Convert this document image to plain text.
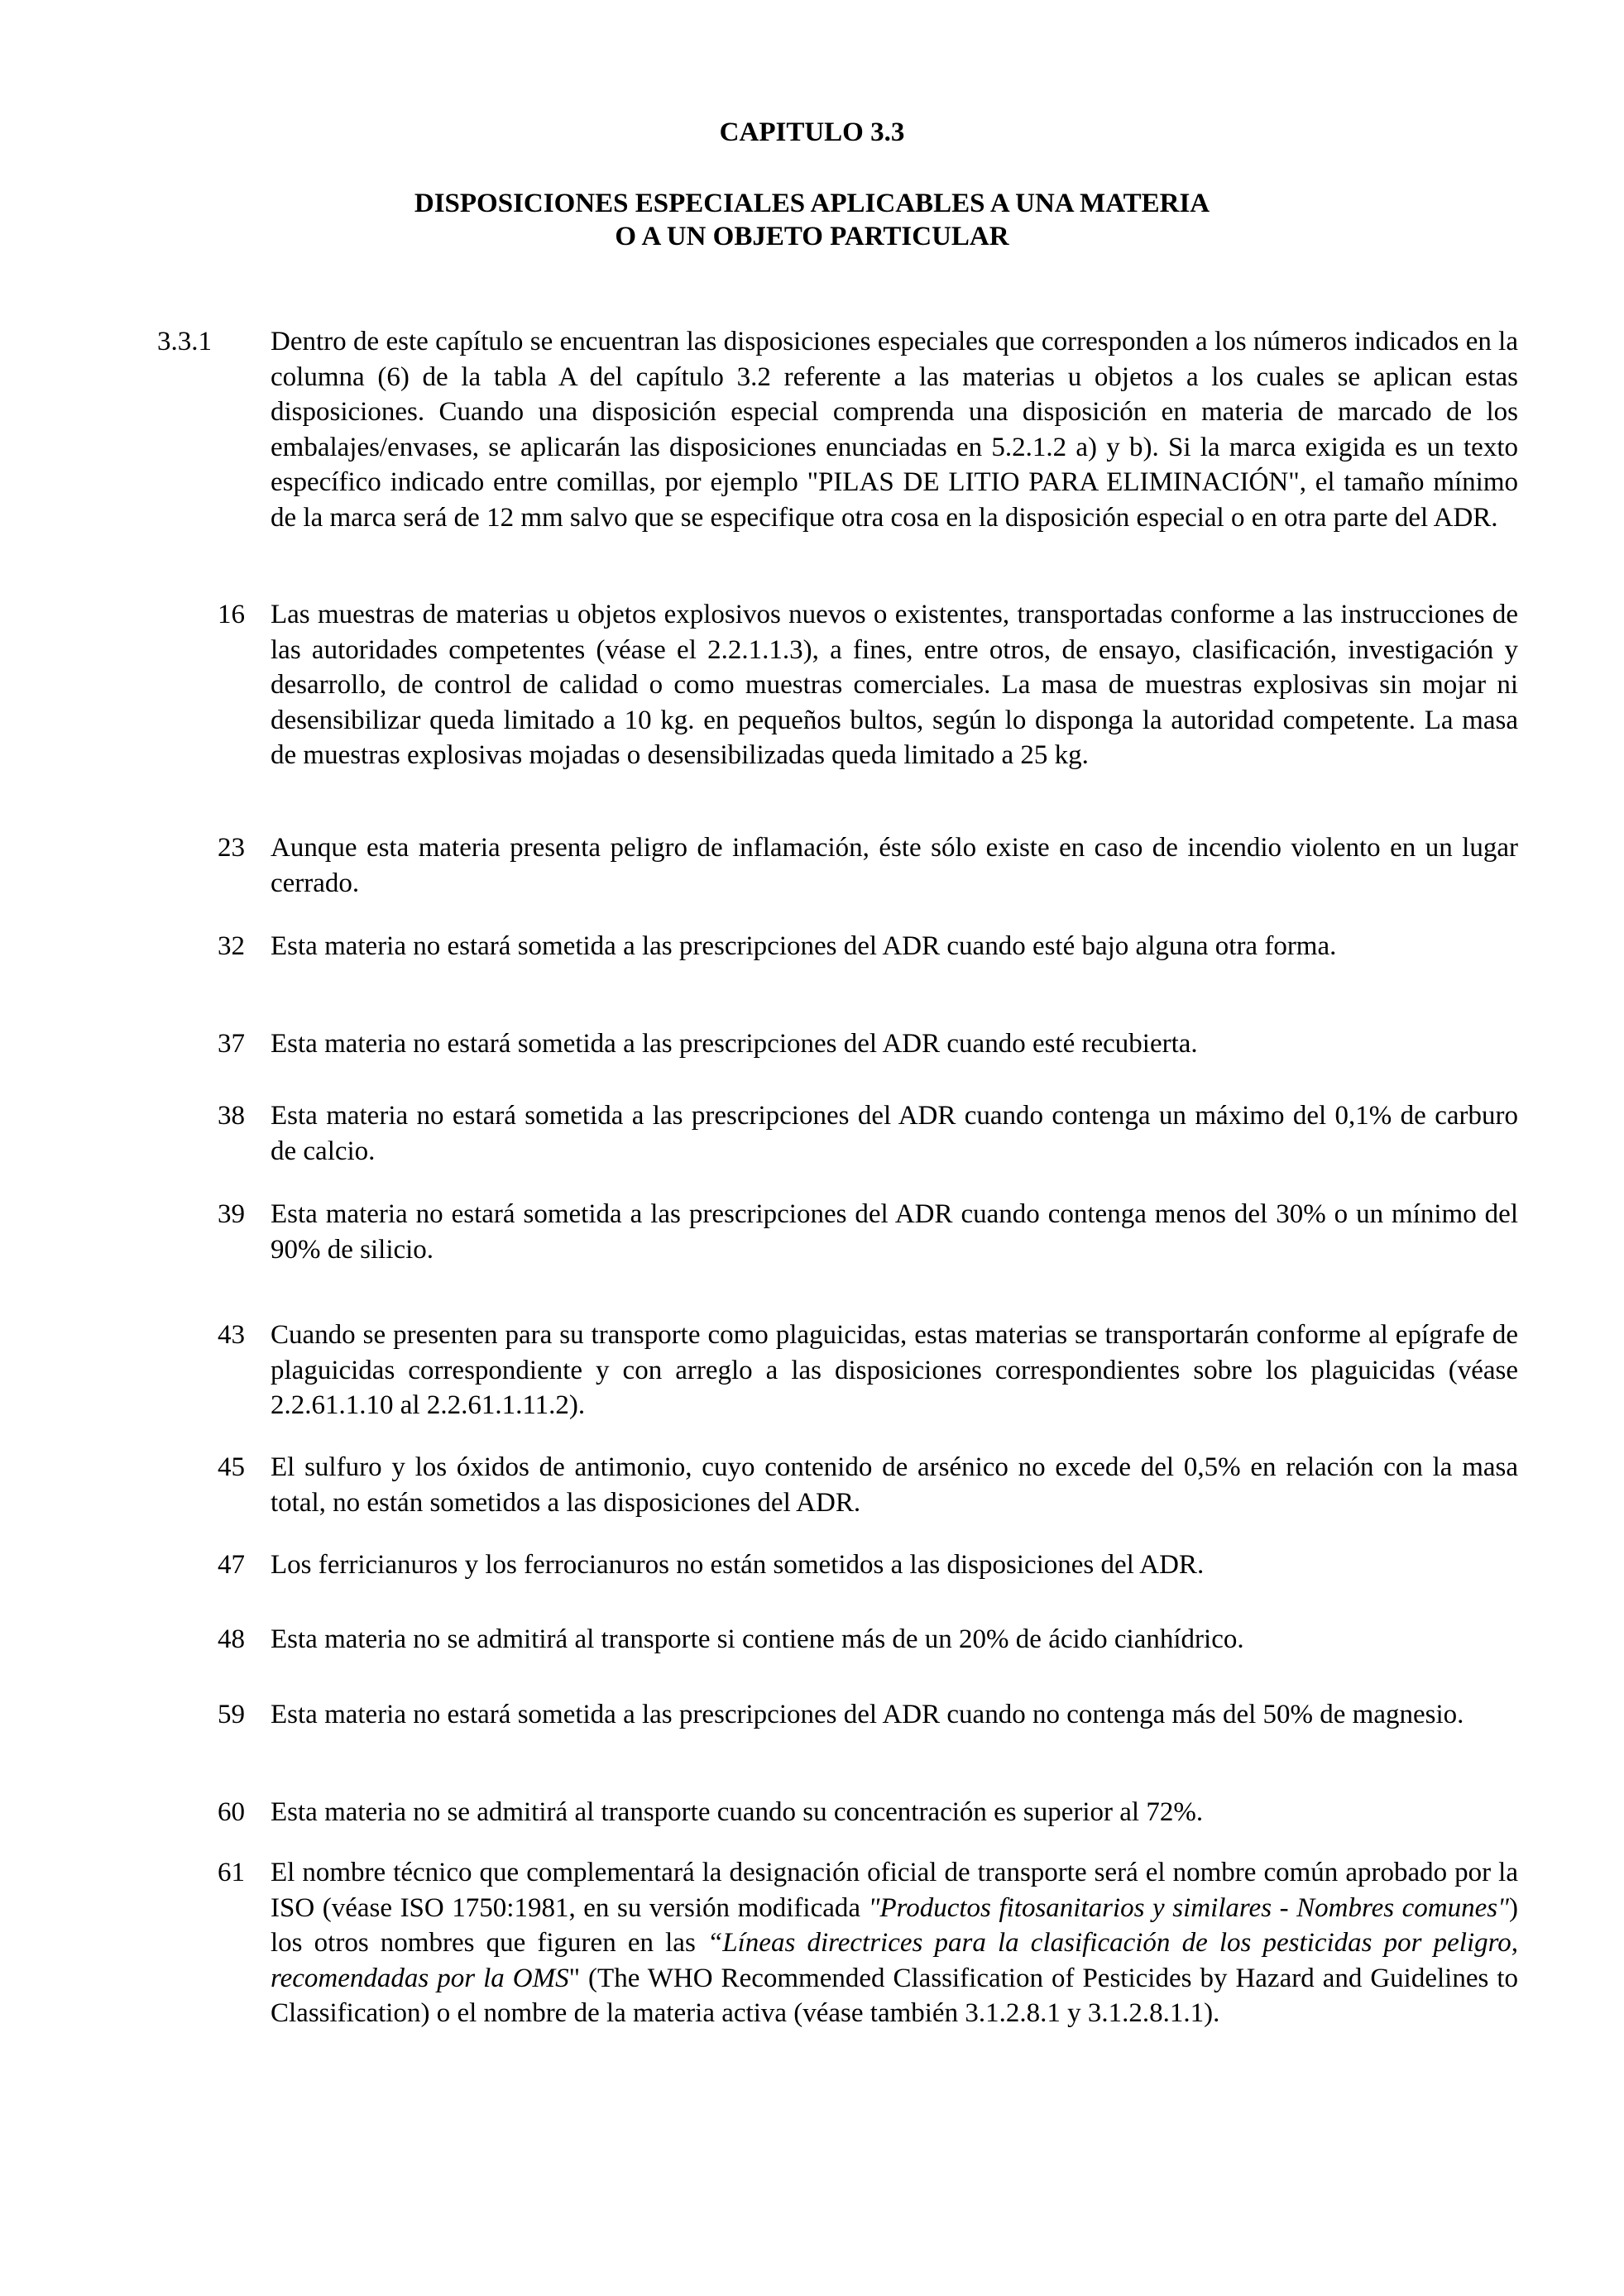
CAPITULO 3.3
DISPOSICIONES ESPECIALES APLICABLES A UNA MATERIA
O A UN OBJETO PARTICULAR
3.3.1 Dentro de este capítulo se encuentran las disposiciones especiales que corresponden a los números indicados en la columna (6) de la tabla A del capítulo 3.2 referente a las materias u objetos a los cuales se aplican estas disposiciones. Cuando una disposición especial comprenda una disposición en materia de marcado de los embalajes/envases, se aplicarán las disposiciones enunciadas en 5.2.1.2 a) y b). Si la marca exigida es un texto específico indicado entre comillas, por ejemplo "PILAS DE LITIO PARA ELIMINACIÓN", el tamaño mínimo de la marca será de 12 mm salvo que se especifique otra cosa en la disposición especial o en otra parte del ADR.
16 Las muestras de materias u objetos explosivos nuevos o existentes, transportadas conforme a las instrucciones de las autoridades competentes (véase el 2.2.1.1.3), a fines, entre otros, de ensayo, clasificación, investigación y desarrollo, de control de calidad o como muestras comerciales. La masa de muestras explosivas sin mojar ni desensibilizar queda limitado a 10 kg. en pequeños bultos, según lo disponga la autoridad competente. La masa de muestras explosivas mojadas o desensibilizadas queda limitado a 25 kg.
23 Aunque esta materia presenta peligro de inflamación, éste sólo existe en caso de incendio violento en un lugar cerrado.
32 Esta materia no estará sometida a las prescripciones del ADR cuando esté bajo alguna otra forma.
37 Esta materia no estará sometida a las prescripciones del ADR cuando esté recubierta.
38 Esta materia no estará sometida a las prescripciones del ADR cuando contenga un máximo del 0,1% de carburo de calcio.
39 Esta materia no estará sometida a las prescripciones del ADR cuando contenga menos del 30% o un mínimo del 90% de silicio.
43 Cuando se presenten para su transporte como plaguicidas, estas materias se transportarán conforme al epígrafe de plaguicidas correspondiente y con arreglo a las disposiciones correspondientes sobre los plaguicidas (véase 2.2.61.1.10 al 2.2.61.1.11.2).
45 El sulfuro y los óxidos de antimonio, cuyo contenido de arsénico no excede del 0,5% en relación con la masa total, no están sometidos a las disposiciones del ADR.
47 Los ferricianuros y los ferrocianuros no están sometidos a las disposiciones del ADR.
48 Esta materia no se admitirá al transporte si contiene más de un 20% de ácido cianhídrico.
59 Esta materia no estará sometida a las prescripciones del ADR cuando no contenga más del 50% de magnesio.
60 Esta materia no se admitirá al transporte cuando su concentración es superior al 72%.
61 El nombre técnico que complementará la designación oficial de transporte será el nombre común aprobado por la ISO (véase ISO 1750:1981, en su versión modificada "Productos fitosanitarios y similares - Nombres comunes") los otros nombres que figuren en las “Líneas directrices para la clasificación de los pesticidas por peligro, recomendadas por la OMS" (The WHO Recommended Classification of Pesticides by Hazard and Guidelines to Classification) o el nombre de la materia activa (véase también 3.1.2.8.1 y 3.1.2.8.1.1).
